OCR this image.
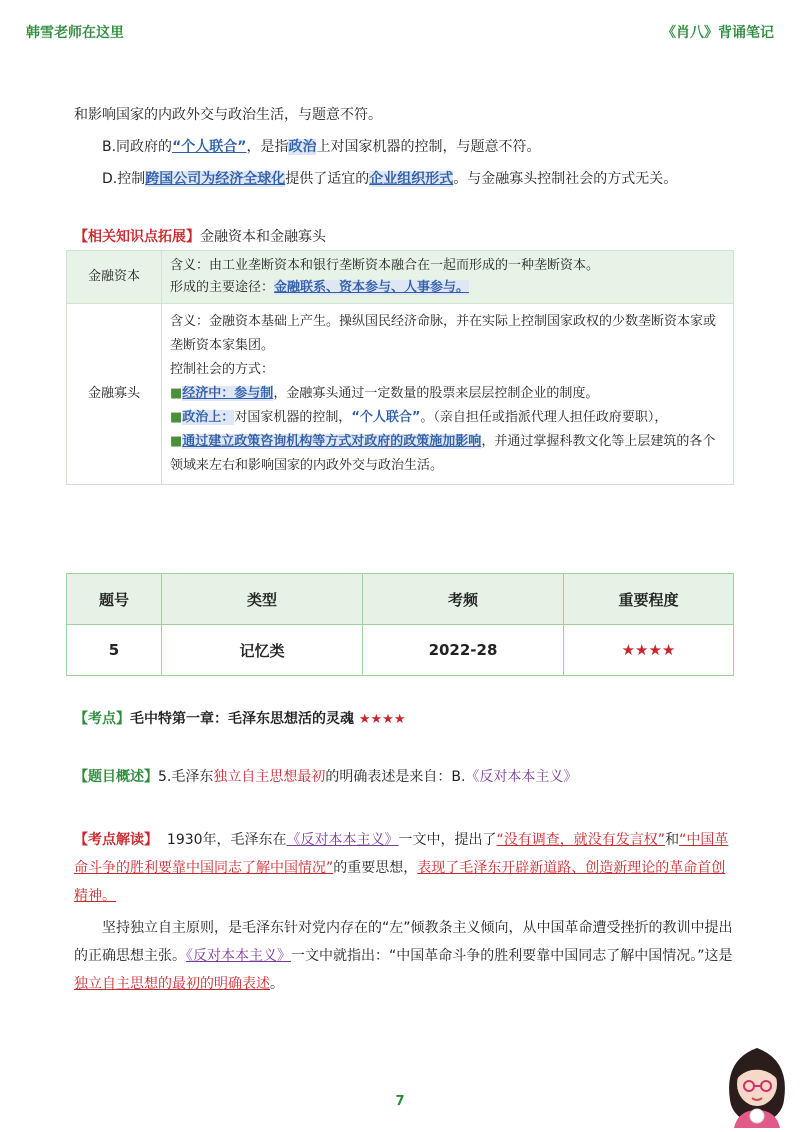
韩雪老师在这里	《肖八》背诵笔记
和影响国家的内政外交与政治生活，与题意不符。
B.同政府的“个人联合”，是指政治上对国家机器的控制，与题意不符。
D.控制跨国公司为经济全球化提供了适宜的企业组织形式。与金融寡头控制社会的方式无关。
【相关知识点拓展】金融资本和金融寡头
金融资本	含义：由工业垄断资本和银行垄断资本融合在一起而形成的一种垄断资本。
形成的主要途径：金融联系、资本参与、人事参与。

金融寡头	含义：金融资本基础上产生。操纵国民经济命脉，并在实际上控制国家政权的少数垄断资本家或垄断资本家集团。
控制社会的方式：
■经济中：参与制，金融寡头通过一定数量的股票来层层控制企业的制度。
■政治上：对国家机器的控制，“个人联合”。（亲自担任或指派代理人担任政府要职），
■通过建立政策咨询机构等方式对政府的政策施加影响，并通过掌握科教文化等上层建筑的各个领域来左右和影响国家的内政外交与政治生活。
题号	类型	考频	重要程度
5	记忆类	2022-28	★★★★
【考点】毛中特第一章：毛泽东思想活的灵魂 ★★★★
【题目概述】5.毛泽东独立自主思想最初的明确表述是来自：B.《反对本本主义》
【考点解读】 1930年，毛泽东在《反对本本主义》一文中，提出了“没有调查，就没有发言权”和“中国革命斗争的胜利要靠中国同志了解中国情况”的重要思想，表现了毛泽东开辟新道路、创造新理论的革命首创精神。
坚持独立自主原则，是毛泽东针对党内存在的“左”倾教条主义倾向，从中国革命遭受挫折的教训中提出的正确思想主张。《反对本本主义》一文中就指出：“中国革命斗争的胜利要靠中国同志了解中国情况。”这是独立自主思想的最初的明确表述。
7
